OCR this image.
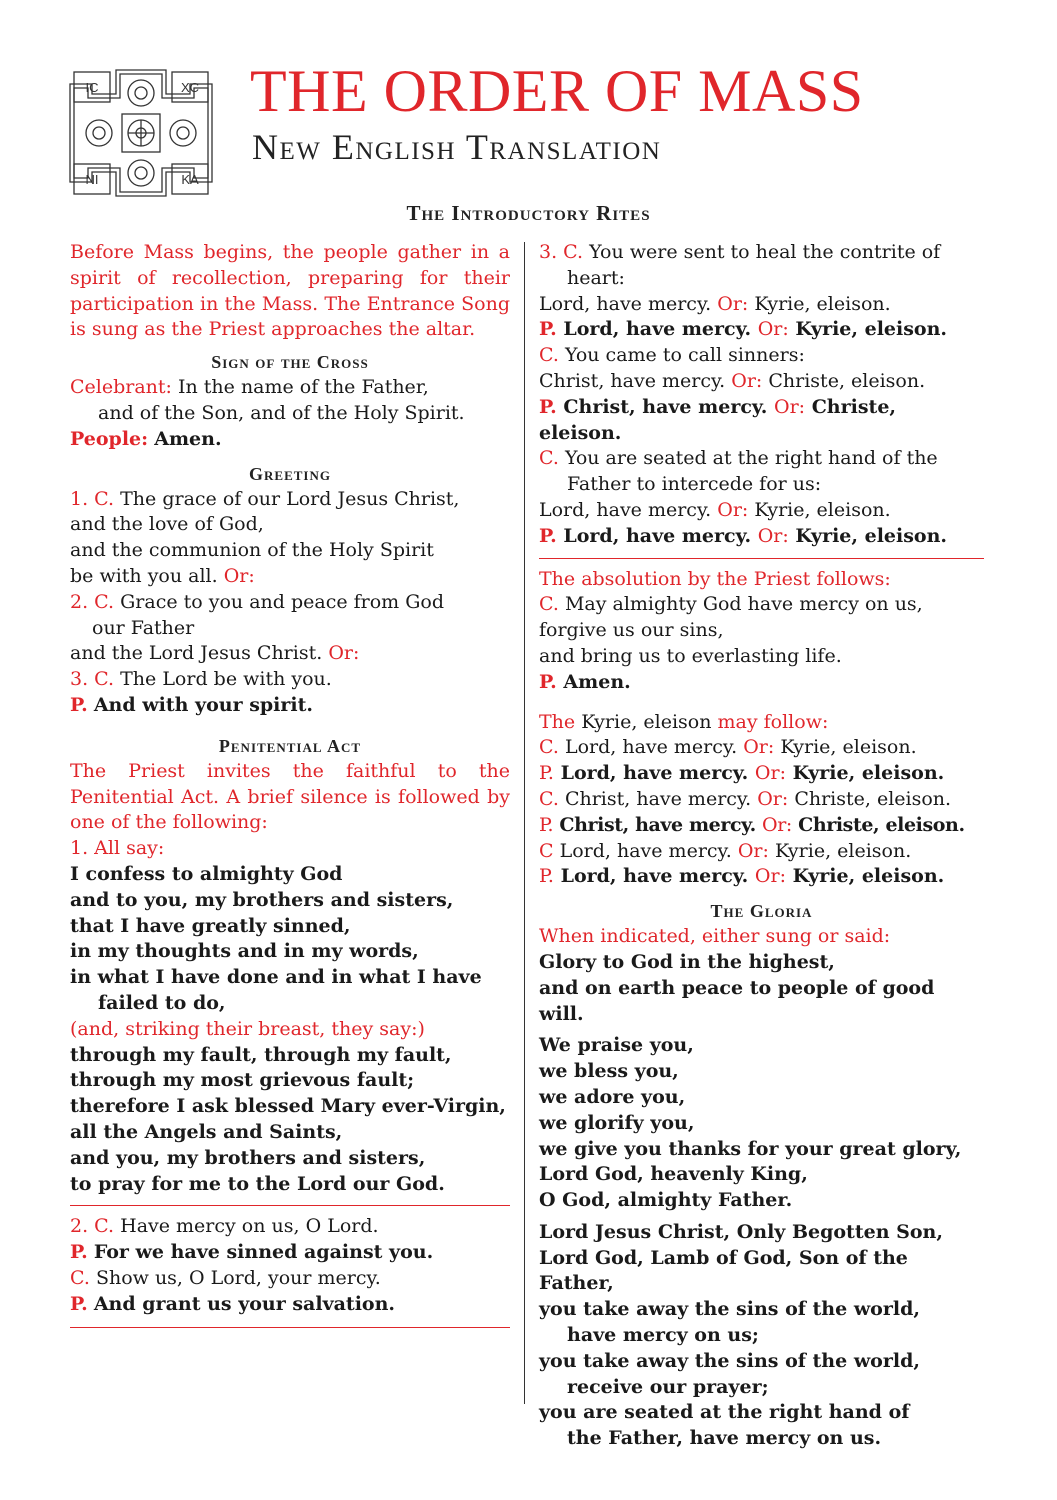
IC	XC
NI	KA
THE ORDER OF MASS
New English Translation
The Introductory Rites

Before Mass begins, the people gather in a spirit of recollection, preparing for their participation in the Mass. The Entrance Song is sung as the Priest approaches the altar.

Sign of the Cross

Celebrant: In the name of the Father,

and of the Son, and of the Holy Spirit.

People: Amen.

Greeting

1. C. The grace of our Lord Jesus Christ,

and the love of God,

and the communion of the Holy Spirit

be with you all. Or:

2. C. Grace to you and peace from God

our Father

and the Lord Jesus Christ. Or:

3. C. The Lord be with you.

P. And with your spirit.

Penitential Act

The Priest invites the faithful to the Penitential Act. A brief silence is followed by one of the following:

1. All say:

I confess to almighty God

and to you, my brothers and sisters,

that I have greatly sinned,

in my thoughts and in my words,

in what I have done and in what I have

failed to do,

(and, striking their breast, they say:)

through my fault, through my fault,

through my most grievous fault;

therefore I ask blessed Mary ever-Virgin,

all the Angels and Saints,

and you, my brothers and sisters,

to pray for me to the Lord our God.

2. C. Have mercy on us, O Lord.

P. For we have sinned against you.

C. Show us, O Lord, your mercy.

P. And grant us your salvation.

3. C. You were sent to heal the contrite of

heart:

Lord, have mercy. Or: Kyrie, eleison.

P. Lord, have mercy. Or: Kyrie, eleison.

C. You came to call sinners:

Christ, have mercy. Or: Christe, eleison.

P. Christ, have mercy. Or: Christe, eleison.

C. You are seated at the right hand of the

Father to intercede for us:

Lord, have mercy. Or: Kyrie, eleison.

P. Lord, have mercy. Or: Kyrie, eleison.

The absolution by the Priest follows:

C. May almighty God have mercy on us,

forgive us our sins,

and bring us to everlasting life.

P. Amen.

The Kyrie, eleison may follow:

C. Lord, have mercy. Or: Kyrie, eleison.

P. Lord, have mercy. Or: Kyrie, eleison.

C. Christ, have mercy. Or: Christe, eleison.

P. Christ, have mercy. Or: Christe, eleison.

C Lord, have mercy. Or: Kyrie, eleison.

P. Lord, have mercy. Or: Kyrie, eleison.

The Gloria

When indicated, either sung or said:

Glory to God in the highest,

and on earth peace to people of good will.

We praise you,

we bless you,

we adore you,

we glorify you,

we give you thanks for your great glory,

Lord God, heavenly King,

O God, almighty Father.

Lord Jesus Christ, Only Begotten Son,

Lord God, Lamb of God, Son of the Father,

you take away the sins of the world,

have mercy on us;

you take away the sins of the world,

receive our prayer;

you are seated at the right hand of

the Father, have mercy on us.
